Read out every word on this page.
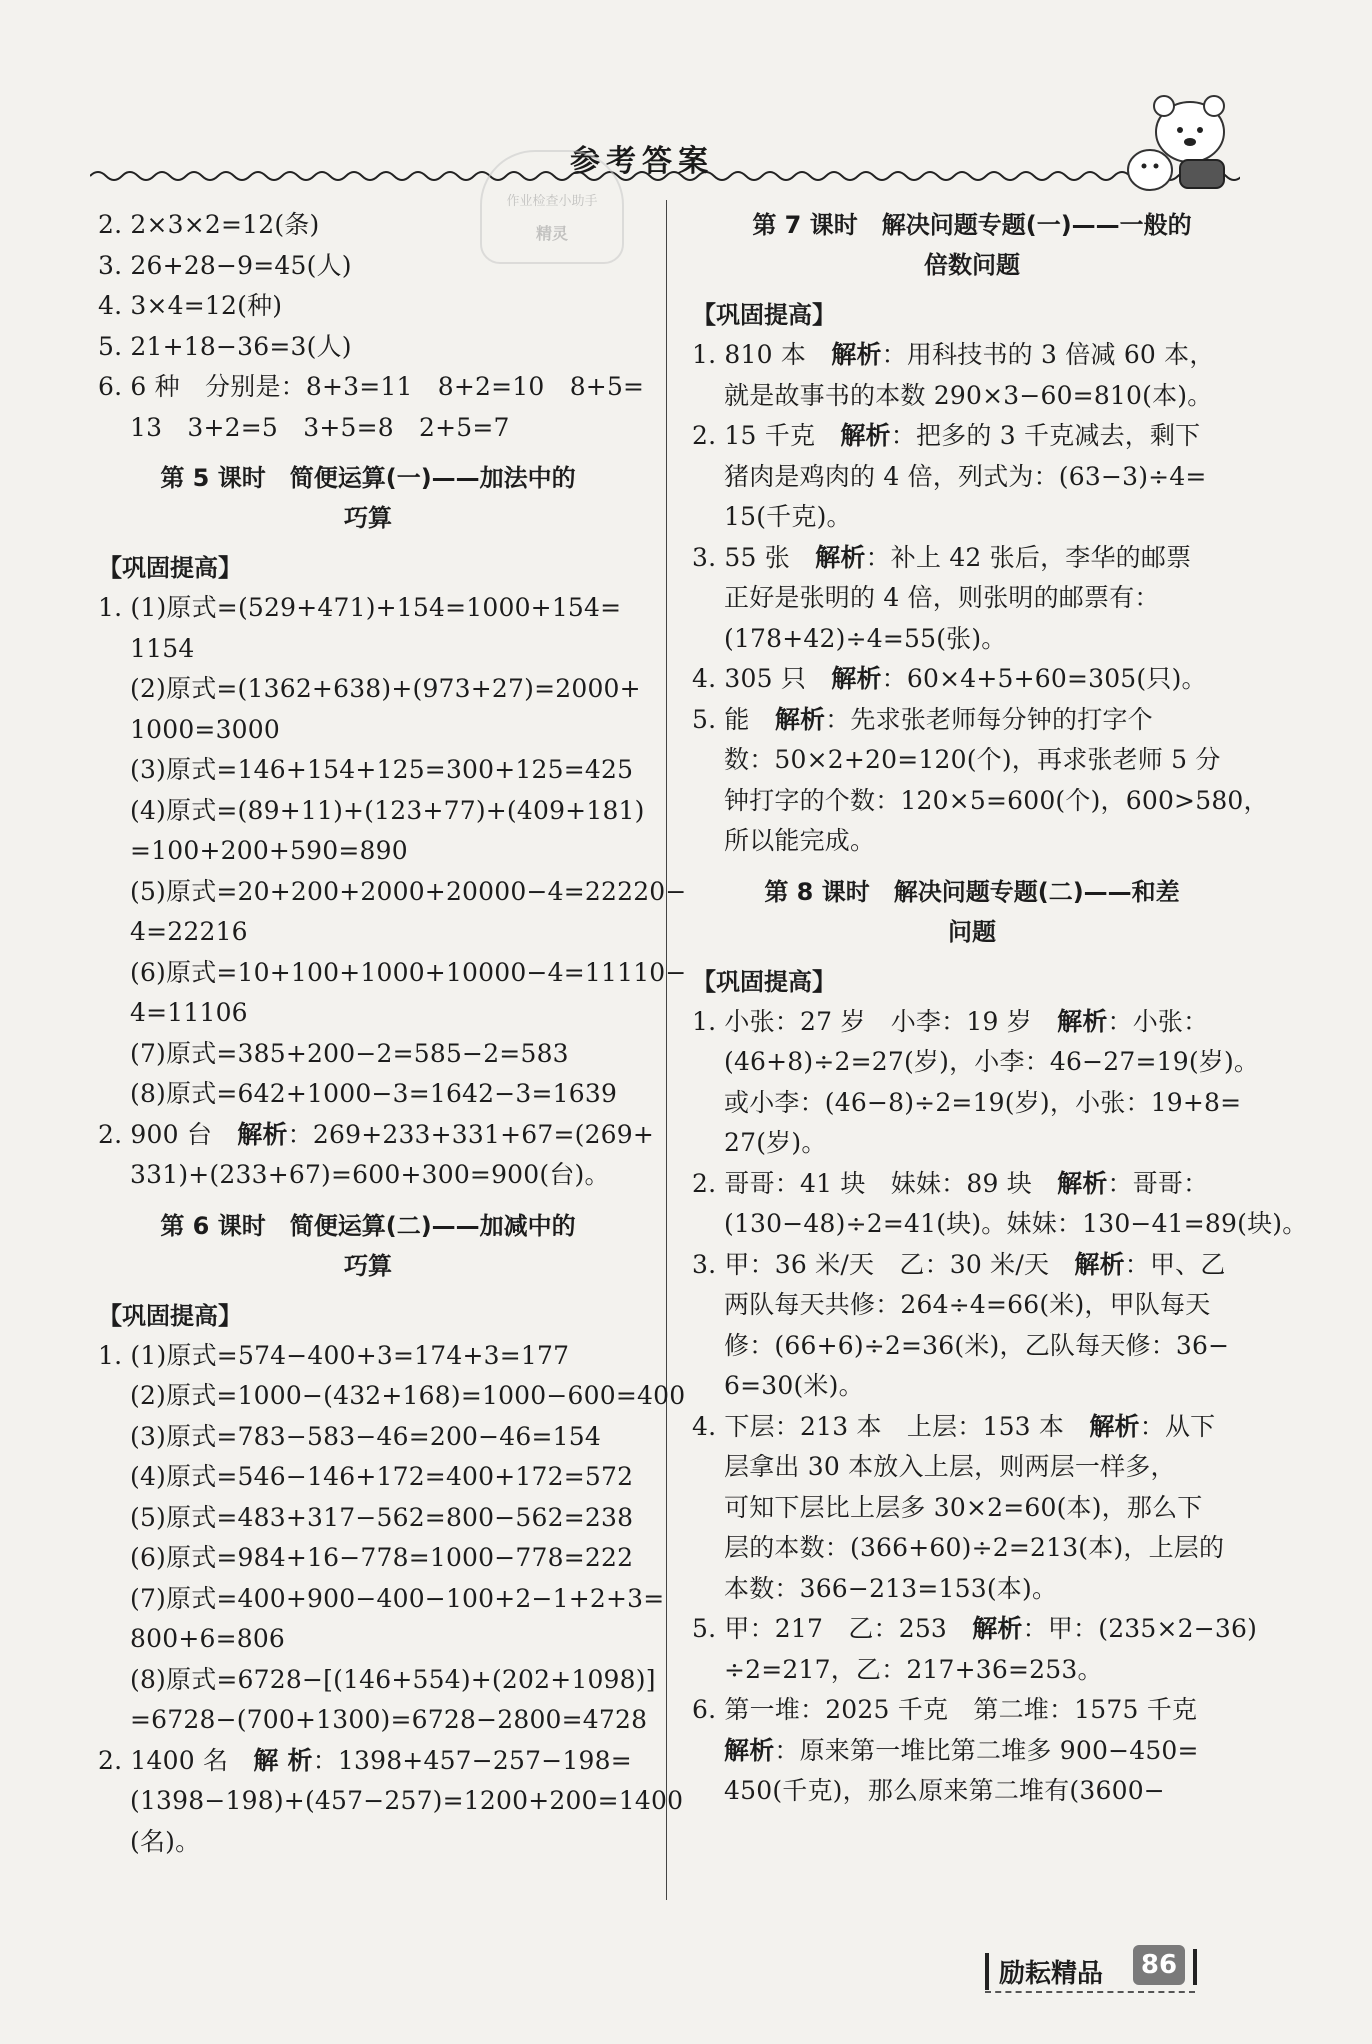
参考答案
作业检查小助手
精灵
2. 2×3×2=12(条)
3. 26+28−9=45(人)
4. 3×4=12(种)
5. 21+18−36=3(人)
6. 6 种　分别是：8+3=11　8+2=10　8+5=
13　3+2=5　3+5=8　2+5=7
第 5 课时　简便运算(一)——加法中的
巧算
【巩固提高】
1. (1)原式=(529+471)+154=1000+154=
1154
(2)原式=(1362+638)+(973+27)=2000+
1000=3000
(3)原式=146+154+125=300+125=425
(4)原式=(89+11)+(123+77)+(409+181)
=100+200+590=890
(5)原式=20+200+2000+20000−4=22220−
4=22216
(6)原式=10+100+1000+10000−4=11110−
4=11106
(7)原式=385+200−2=585−2=583
(8)原式=642+1000−3=1642−3=1639
2. 900 台　解析：269+233+331+67=(269+
331)+(233+67)=600+300=900(台)。
第 6 课时　简便运算(二)——加减中的
巧算
【巩固提高】
1. (1)原式=574−400+3=174+3=177
(2)原式=1000−(432+168)=1000−600=400
(3)原式=783−583−46=200−46=154
(4)原式=546−146+172=400+172=572
(5)原式=483+317−562=800−562=238
(6)原式=984+16−778=1000−778=222
(7)原式=400+900−400−100+2−1+2+3=
800+6=806
(8)原式=6728−[(146+554)+(202+1098)]
=6728−(700+1300)=6728−2800=4728
2. 1400 名　解 析：1398+457−257−198=
(1398−198)+(457−257)=1200+200=1400
(名)。
第 7 课时　解决问题专题(一)——一般的
倍数问题
【巩固提高】
1. 810 本　解析：用科技书的 3 倍减 60 本，
就是故事书的本数 290×3−60=810(本)。
2. 15 千克　解析：把多的 3 千克减去，剩下
猪肉是鸡肉的 4 倍，列式为：(63−3)÷4=
15(千克)。
3. 55 张　解析：补上 42 张后，李华的邮票
正好是张明的 4 倍，则张明的邮票有：
(178+42)÷4=55(张)。
4. 305 只　解析：60×4+5+60=305(只)。
5. 能　解析：先求张老师每分钟的打字个
数：50×2+20=120(个)，再求张老师 5 分
钟打字的个数：120×5=600(个)，600>580，
所以能完成。
第 8 课时　解决问题专题(二)——和差
问题
【巩固提高】
1. 小张：27 岁　小李：19 岁　解析：小张：
(46+8)÷2=27(岁)，小李：46−27=19(岁)。
或小李：(46−8)÷2=19(岁)，小张：19+8=
27(岁)。
2. 哥哥：41 块　妹妹：89 块　解析：哥哥：
(130−48)÷2=41(块)。妹妹：130−41=89(块)。
3. 甲：36 米/天　乙：30 米/天　解析：甲、乙
两队每天共修：264÷4=66(米)，甲队每天
修：(66+6)÷2=36(米)，乙队每天修：36−
6=30(米)。
4. 下层：213 本　上层：153 本　解析：从下
层拿出 30 本放入上层，则两层一样多，
可知下层比上层多 30×2=60(本)，那么下
层的本数：(366+60)÷2=213(本)，上层的
本数：366−213=153(本)。
5. 甲：217　乙：253　解析：甲：(235×2−36)
÷2=217，乙：217+36=253。
6. 第一堆：2025 千克　第二堆：1575 千克
解析：原来第一堆比第二堆多 900−450=
450(千克)，那么原来第二堆有(3600−
励耘精品	86
